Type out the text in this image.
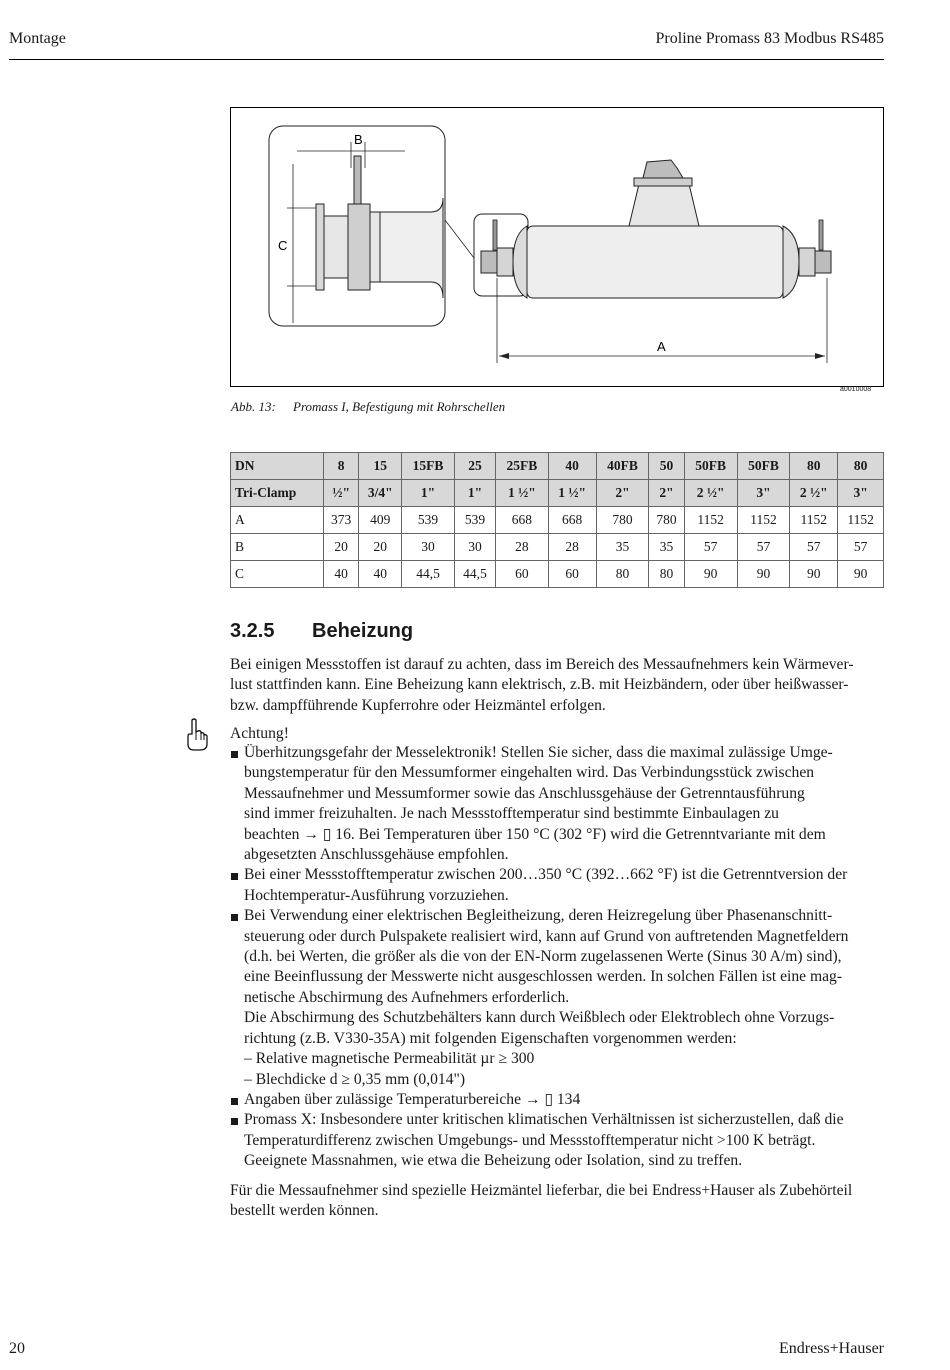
Montage	Proline Promass 83 Modbus RS485
B
C
A
a0010008
Abb. 13: Promass I, Befestigung mit Rohrschellen
DN	8	15	15FB	25	25FB	40	40FB	50	50FB	50FB	80	80
Tri-Clamp	½"	3/4"	1"	1"	1 ½"	1 ½"	2"	2"	2 ½"	3"	2 ½"	3"
A	373	409	539	539	668	668	780	780	1152	1152	1152	1152
B	20	20	30	30	28	28	35	35	57	57	57	57
C	40	40	44,5	44,5	60	60	80	80	90	90	90	90
3.2.5 Beheizung
Bei einigen Messstoffen ist darauf zu achten, dass im Bereich des Messaufnehmers kein Wärmever-
lust stattfinden kann. Eine Beheizung kann elektrisch, z.B. mit Heizbändern, oder über heißwasser-
bzw. dampfführende Kupferrohre oder Heizmäntel erfolgen.
Achtung!
Überhitzungsgefahr der Messelektronik! Stellen Sie sicher, dass die maximal zulässige Umge-
bungstemperatur für den Messumformer eingehalten wird. Das Verbindungsstück zwischen
Messaufnehmer und Messumformer sowie das Anschlussgehäuse der Getrenntausführung
sind immer freizuhalten. Je nach Messstofftemperatur sind bestimmte Einbaulagen zu
beachten → ▯ 16. Bei Temperaturen über 150 °C (302 °F) wird die Getrenntvariante mit dem
abgesetzten Anschlussgehäuse empfohlen.
Bei einer Messstofftemperatur zwischen 200…350 °C (392…662 °F) ist die Getrenntversion der
Hochtemperatur-Ausführung vorzuziehen.
Bei Verwendung einer elektrischen Begleitheizung, deren Heizregelung über Phasenanschnitt-
steuerung oder durch Pulspakete realisiert wird, kann auf Grund von auftretenden Magnetfeldern
(d.h. bei Werten, die größer als die von der EN-Norm zugelassenen Werte (Sinus 30 A/m) sind),
eine Beeinflussung der Messwerte nicht ausgeschlossen werden. In solchen Fällen ist eine mag-
netische Abschirmung des Aufnehmers erforderlich.
Die Abschirmung des Schutzbehälters kann durch Weißblech oder Elektroblech ohne Vorzugs-
richtung (z.B. V330-35A) mit folgenden Eigenschaften vorgenommen werden:
– Relative magnetische Permeabilität µr ≥ 300
– Blechdicke d ≥ 0,35 mm (0,014")
Angaben über zulässige Temperaturbereiche → ▯ 134
Promass X: Insbesondere unter kritischen klimatischen Verhältnissen ist sicherzustellen, daß die
Temperaturdifferenz zwischen Umgebungs- und Messstofftemperatur nicht >100 K beträgt.
Geeignete Massnahmen, wie etwa die Beheizung oder Isolation, sind zu treffen.
Für die Messaufnehmer sind spezielle Heizmäntel lieferbar, die bei Endress+Hauser als Zubehörteil
bestellt werden können.
20	Endress+Hauser
